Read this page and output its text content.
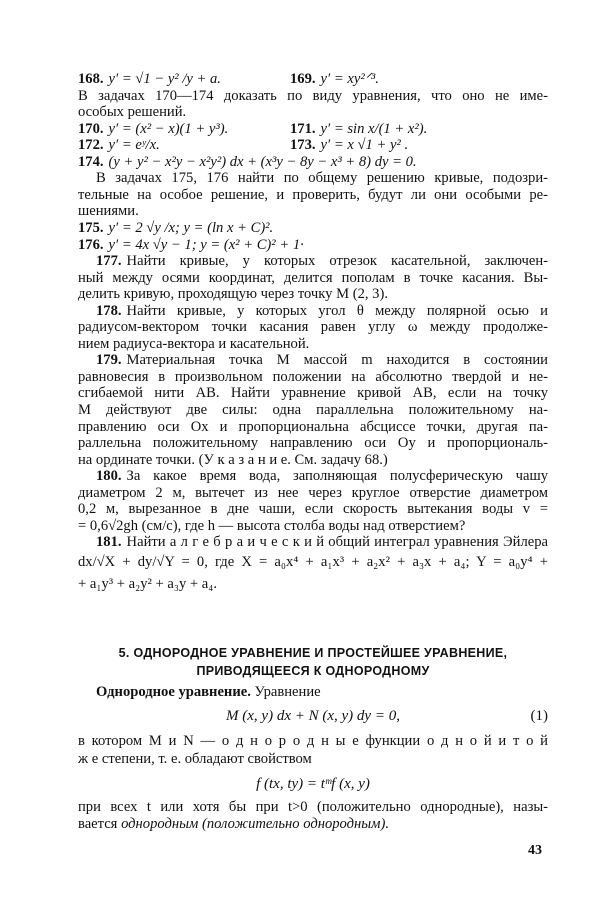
168. y′ = √1 − y² /y + a.	169. y′ = xy²ᐟ³.
В задачах 170—174 доказать по виду уравнения, что оно не име-
особых решений.
170. y′ = (x² − x)(1 + y³).	171. y′ = sin x/(1 + x²).
172. y′ = eʸ/x.	173. y′ = x √1 + y² .
174. (y + y² − x²y − x²y²) dx + (x³y − 8y − x³ + 8) dy = 0.
В задачах 175, 176 найти по общему решению кривые, подозри-
тельные на особое решение, и проверить, будут ли они особыми ре-
шениями.
175. y′ = 2 √y /x; y = (ln x + C)².
176. y′ = 4x √y − 1; y = (x² + C)² + 1·
177. Найти кривые, у которых отрезок касательной, заключен-
ный между осями координат, делится пополам в точке касания. Вы-
делить кривую, проходящую через точку M (2, 3).
178. Найти кривые, у которых угол θ между полярной осью и
радиусом-вектором точки касания равен углу ω между продолже-
нием радиуса-вектора и касательной.
179. Материальная точка M массой m находится в состоянии
равновесия в произвольном положении на абсолютно твердой и не-
сгибаемой нити AB. Найти уравнение кривой AB, если на точку
M действуют две силы: одна параллельна положительному на-
правлению оси Ox и пропорциональна абсциссе точки, другая па-
раллельна положительному направлению оси Oy и пропорциональ-
на ординате точки. (У к а з а н и е. См. задачу 68.)
180. За какое время вода, заполняющая полусферическую чашу
диаметром 2 м, вытечет из нее через круглое отверстие диаметром
0,2 м, вырезанное в дне чаши, если скорость вытекания воды v =
= 0,6√2gh (см/с), где h — высота столба воды над отверстием?
181. Найти а л г е б р а и ч е с к и й общий интеграл уравнения Эйлера
dx/√X + dy/√Y = 0, где X = a₀x⁴ + a₁x³ + a₂x² + a₃x + a₄; Y = a₀y⁴ +
+ a₁y³ + a₂y² + a₃y + a₄.
5. ОДНОРОДНОЕ УРАВНЕНИЕ И ПРОСТЕЙШЕЕ УРАВНЕНИЕ,
ПРИВОДЯЩЕЕСЯ К ОДНОРОДНОМУ
Однородное уравнение. Уравнение
M (x, y) dx + N (x, y) dy = 0,	(1)
в котором M и N — о д н о р о д н ы е функции о д н о й и т о й
ж е степени, т. е. обладают свойством
f (tx, ty) = tᵐf (x, y)
при всех t или хотя бы при t>0 (положительно однородные), назы-
вается однородным (положительно однородным).
43
